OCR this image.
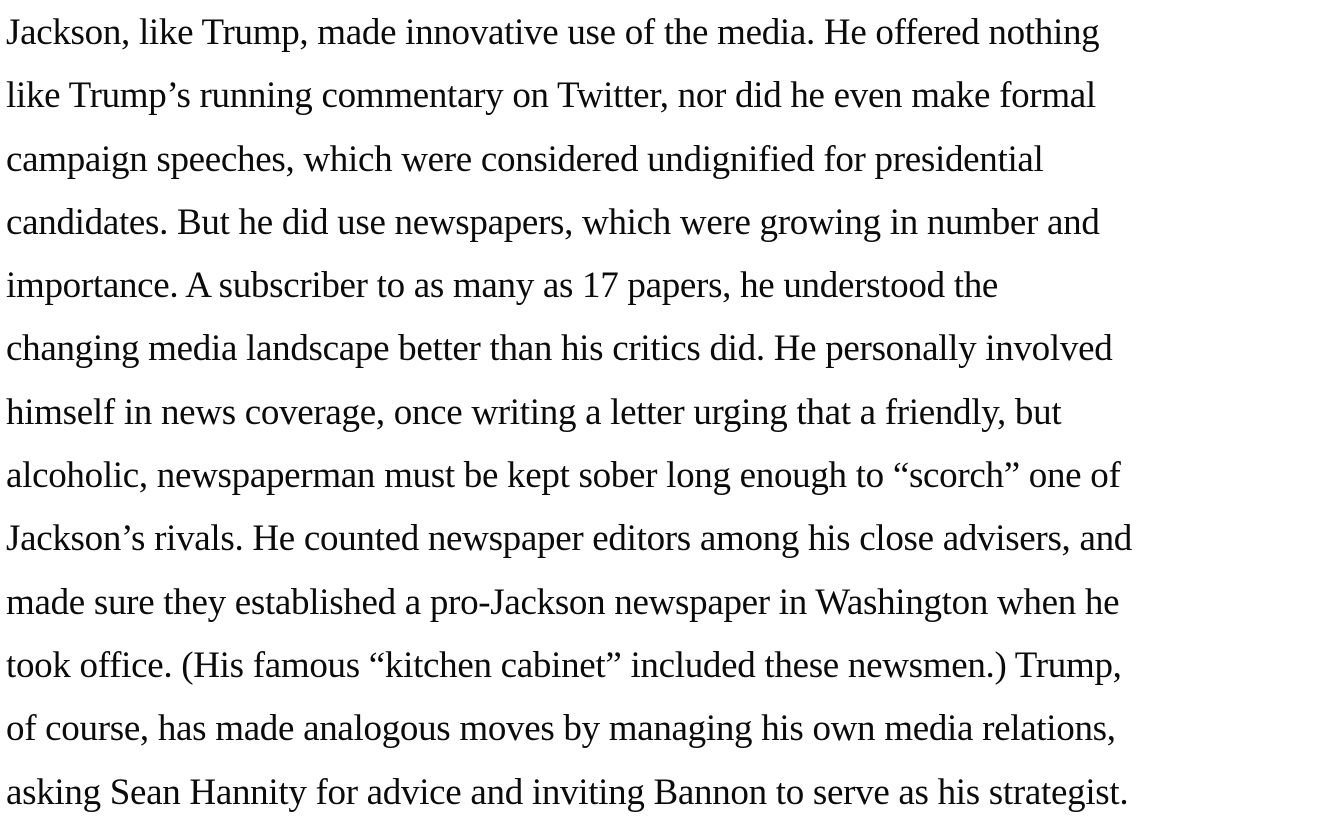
Jackson, like Trump, made innovative use of the media. He offered nothing
like Trump’s running commentary on Twitter, nor did he even make formal
campaign speeches, which were considered undignified for presidential
candidates. But he did use newspapers, which were growing in number and
importance. A subscriber to as many as 17 papers, he understood the
changing media landscape better than his critics did. He personally involved
himself in news coverage, once writing a letter urging that a friendly, but
alcoholic, newspaperman must be kept sober long enough to “scorch” one of
Jackson’s rivals. He counted newspaper editors among his close advisers, and
made sure they established a pro-Jackson newspaper in Washington when he
took office. (His famous “kitchen cabinet” included these newsmen.) Trump,
of course, has made analogous moves by managing his own media relations,
asking Sean Hannity for advice and inviting Bannon to serve as his strategist.
